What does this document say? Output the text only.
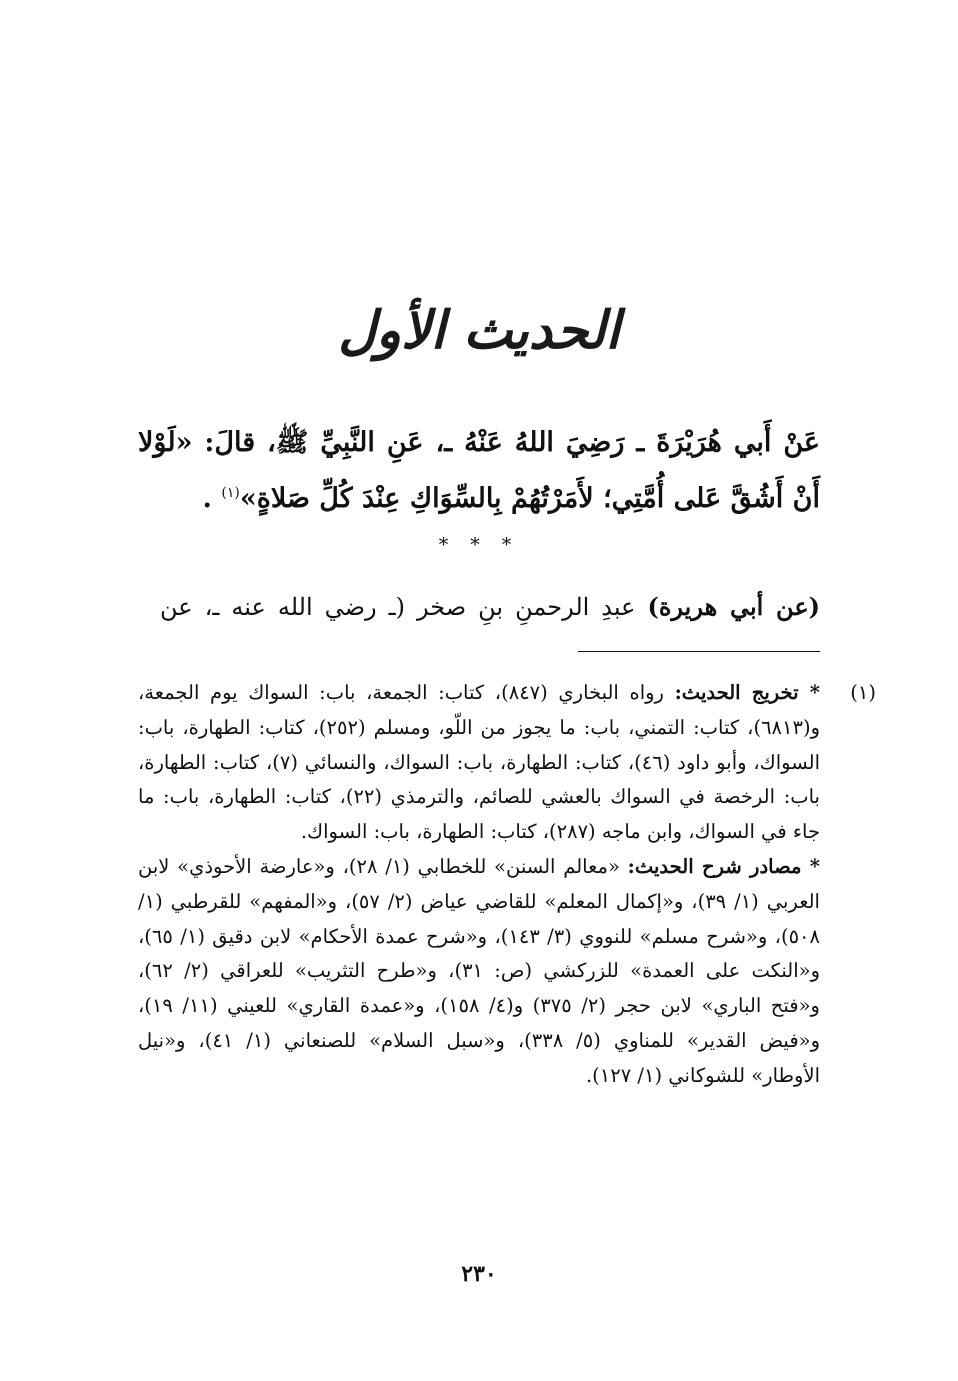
الحديث الأول
عَنْ أَبي هُرَيْرَةَ ـ رَضِيَ اللهُ عَنْهُ ـ، عَنِ النَّبِيِّ ﷺ، قالَ: «لَوْلا أَنْ أَشُقَّ عَلى أُمَّتِي؛ لأَمَرْتُهُمْ بِالسِّوَاكِ عِنْدَ كُلِّ صَلاةٍ»$^{(١)}$ .
* * *
(عن أبي هريرة) عبدِ الرحمنِ بنِ صخر (ـ رضي الله عنه ـ، عن
(١)

* تخريج الحديث: رواه البخاري (٨٤٧)، كتاب: الجمعة، باب: السواك يوم الجمعة، و(٦٨١٣)، كتاب: التمني، باب: ما يجوز من اللّو، ومسلم (٢٥٢)، كتاب: الطهارة، باب: السواك، وأبو داود (٤٦)، كتاب: الطهارة، باب: السواك، والنسائي (٧)، كتاب: الطهارة، باب: الرخصة في السواك بالعشي للصائم، والترمذي (٢٢)، كتاب: الطهارة، باب: ما جاء في السواك، وابن ماجه (٢٨٧)، كتاب: الطهارة، باب: السواك.

* مصادر شرح الحديث: «معالم السنن» للخطابي (١/ ٢٨)، و«عارضة الأحوذي» لابن العربي (١/ ٣٩)، و«إكمال المعلم» للقاضي عياض (٢/ ٥٧)، و«المفهم» للقرطبي (١/ ٥٠٨)، و«شرح مسلم» للنووي (٣/ ١٤٣)، و«شرح عمدة الأحكام» لابن دقيق (١/ ٦٥)، و«النكت على العمدة» للزركشي (ص: ٣١)، و«طرح التثريب» للعراقي (٢/ ٦٢)، و«فتح الباري» لابن حجر (٢/ ٣٧٥) و(٤/ ١٥٨)، و«عمدة القاري» للعيني (١١/ ١٩)، و«فيض القدير» للمناوي (٥/ ٣٣٨)، و«سبل السلام» للصنعاني (١/ ٤١)، و«نيل الأوطار» للشوكاني (١/ ١٢٧).

٢٣٠
